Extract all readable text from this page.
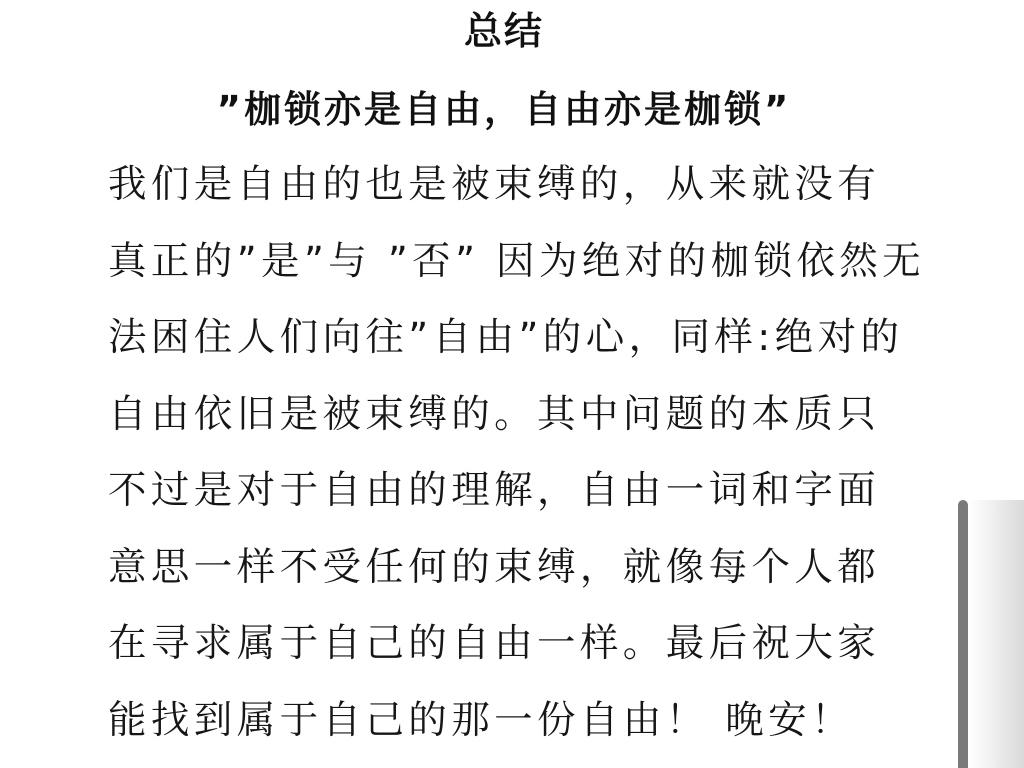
总结
”枷锁亦是自由，自由亦是枷锁”
我们是自由的也是被束缚的，从来就没有
真正的”是”与 ”否” 因为绝对的枷锁依然无
法困住人们向往”自由”的心，同样:绝对的
自由依旧是被束缚的。其中问题的本质只
不过是对于自由的理解，自由一词和字面
意思一样不受任何的束缚，就像每个人都
在寻求属于自己的自由一样。最后祝大家
能找到属于自己的那一份自由！ 晚安！
